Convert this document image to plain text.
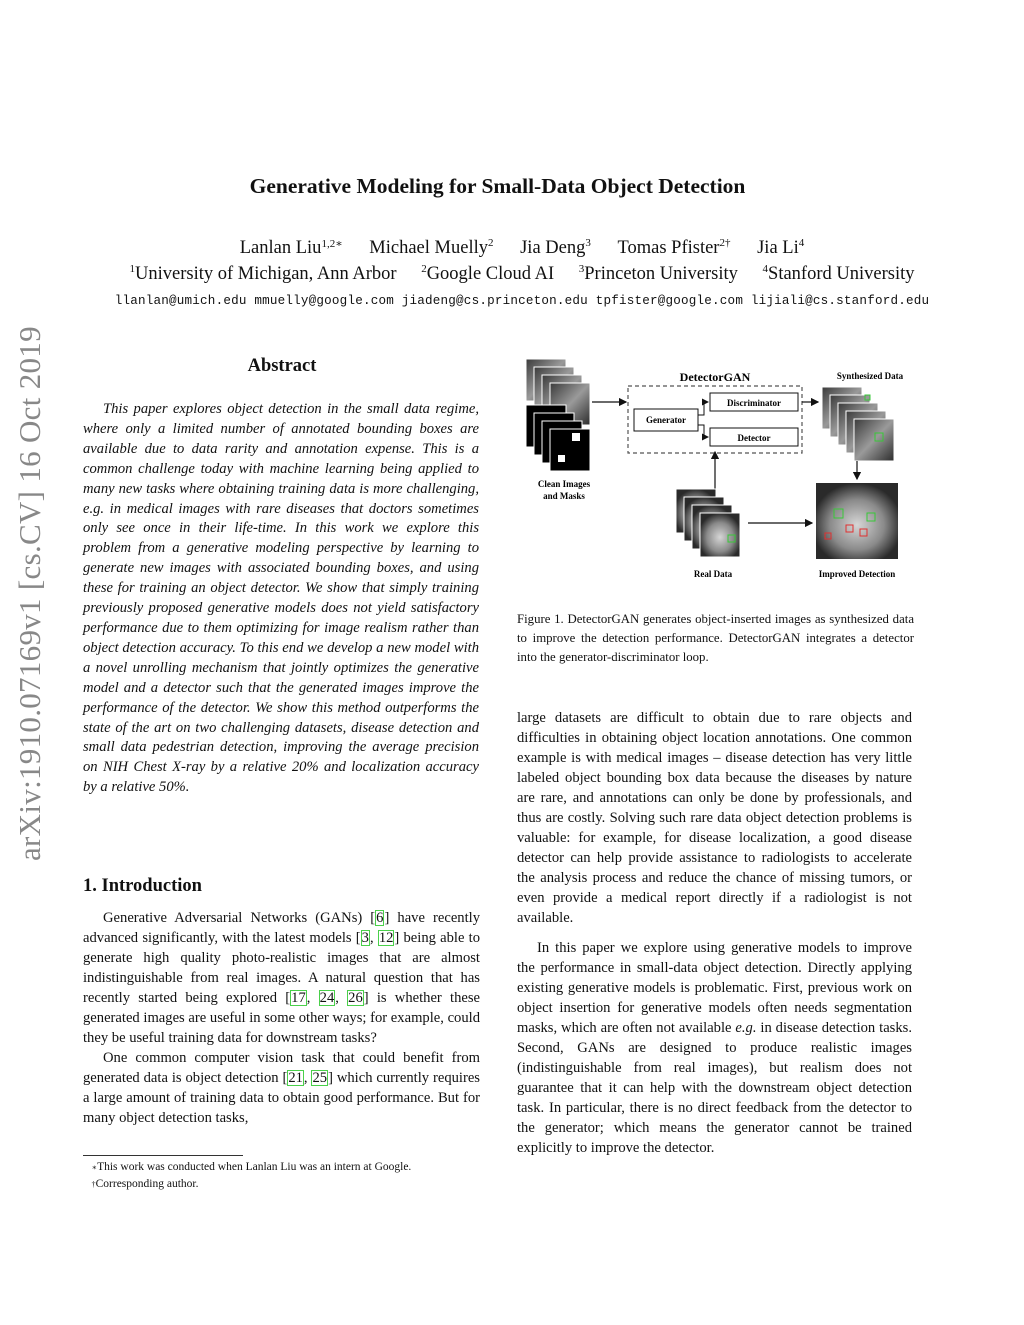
arXiv:1910.07169v1 [cs.CV] 16 Oct 2019
Generative Modeling for Small-Data Object Detection
Lanlan Liu$^{1,2∗}$ Michael Muelly$^2$ Jia Deng$^3$ Tomas Pfister$^{2\dagger}$ Jia Li$^4$
$^1$University of Michigan, Ann Arbor $^2$Google Cloud AI $^3$Princeton University $^4$Stanford University
llanlan@umich.edu mmuelly@google.com jiadeng@cs.princeton.edu tpfister@google.com lijiali@cs.stanford.edu
Abstract
This paper explores object detection in the small data regime, where only a limited number of annotated bounding boxes are available due to data rarity and annotation expense. This is a common challenge today with machine learning being applied to many new tasks where obtaining training data is more challenging, e.g. in medical images with rare diseases that doctors sometimes only see once in their life-time. In this work we explore this problem from a generative modeling perspective by learning to generate new images with associated bounding boxes, and using these for training an object detector. We show that simply training previously proposed generative models does not yield satisfactory performance due to them optimizing for image realism rather than object detection accuracy. To this end we develop a new model with a novel unrolling mechanism that jointly optimizes the generative model and a detector such that the generated images improve the performance of the detector. We show this method outperforms the state of the art on two challenging datasets, disease detection and small data pedestrian detection, improving the average precision on NIH Chest X-ray by a relative 20% and localization accuracy by a relative 50%.
1. Introduction

Generative Adversarial Networks (GANs) [6] have recently advanced significantly, with the latest models [3, 12] being able to generate high quality photo-realistic images that are almost indistinguishable from real images. A natural question that has recently started being explored [17, 24, 26] is whether these generated images are useful in some other ways; for example, could they be useful training data for downstream tasks?

One common computer vision task that could benefit from generated data is object detection [21, 25] which currently requires a large amount of training data to obtain good performance. But for many object detection tasks,

∗This work was conducted when Lanlan Liu was an intern at Google.
†Corresponding author.
Clean Images
and Masks
DetectorGAN
Generator
Discriminator
Detector
Synthesized Data
Improved Detection
Real Data
Figure 1. DetectorGAN generates object-inserted images as synthesized data to improve the detection performance. DetectorGAN integrates a detector into the generator-discriminator loop.

large datasets are difficult to obtain due to rare objects and difficulties in obtaining object location annotations. One common example is with medical images – disease detection has very little labeled object bounding box data because the diseases by nature are rare, and annotations can only be done by professionals, and thus are costly. Solving such rare data object detection problems is valuable: for example, for disease localization, a good disease detector can help provide assistance to radiologists to accelerate the analysis process and reduce the chance of missing tumors, or even provide a medical report directly if a radiologist is not available.

In this paper we explore using generative models to improve the performance in small-data object detection. Directly applying existing generative models is problematic. First, previous work on object insertion for generative models often needs segmentation masks, which are often not available e.g. in disease detection tasks. Second, GANs are designed to produce realistic images (indistinguishable from real images), but realism does not guarantee that it can help with the downstream object detection task. In particular, there is no direct feedback from the detector to the generator; which means the generator cannot be trained explicitly to improve the detector.
